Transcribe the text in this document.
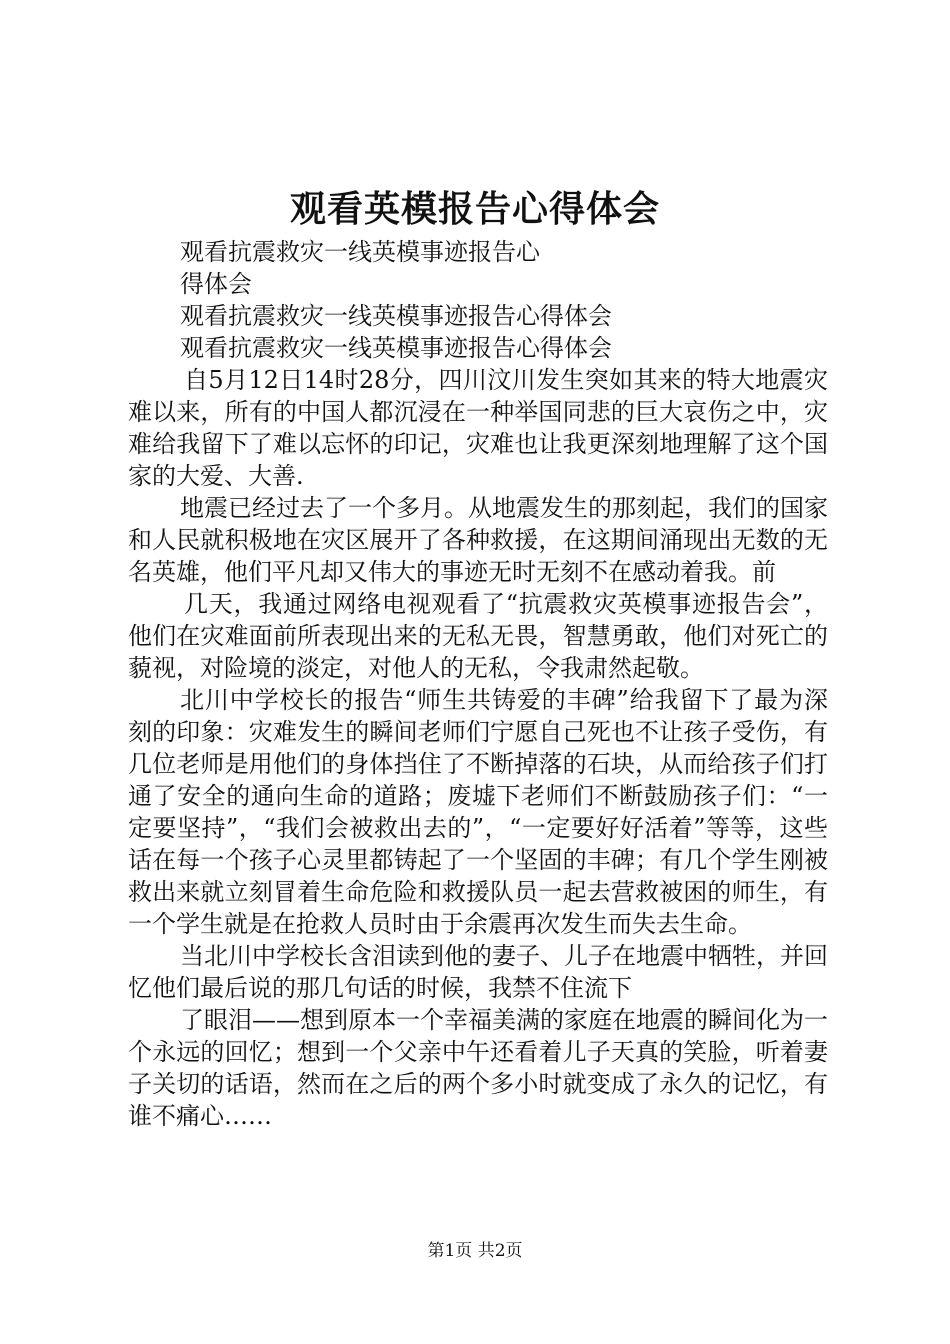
观看英模报告心得体会
观看抗震救灾一线英模事迹报告心
得体会
观看抗震救灾一线英模事迹报告心得体会
观看抗震救灾一线英模事迹报告心得体会

自5月12日14时28分，四川汶川发生突如其来的特大地震灾难以来，所有的中国人都沉浸在一种举国同悲的巨大哀伤之中，灾难给我留下了难以忘怀的印记，灾难也让我更深刻地理解了这个国家的大爱、大善.

地震已经过去了一个多月。从地震发生的那刻起，我们的国家和人民就积极地在灾区展开了各种救援，在这期间涌现出无数的无名英雄，他们平凡却又伟大的事迹无时无刻不在感动着我。前

几天，我通过网络电视观看了“抗震救灾英模事迹报告会”，他们在灾难面前所表现出来的无私无畏，智慧勇敢，他们对死亡的藐视，对险境的淡定，对他人的无私，令我肃然起敬。

北川中学校长的报告“师生共铸爱的丰碑”给我留下了最为深刻的印象：灾难发生的瞬间老师们宁愿自己死也不让孩子受伤，有几位老师是用他们的身体挡住了不断掉落的石块，从而给孩子们打通了安全的通向生命的道路；废墟下老师们不断鼓励孩子们：“一定要坚持”，“我们会被救出去的”，“一定要好好活着”等等，这些话在每一个孩子心灵里都铸起了一个坚固的丰碑；有几个学生刚被救出来就立刻冒着生命危险和救援队员一起去营救被困的师生，有一个学生就是在抢救人员时由于余震再次发生而失去生命。

当北川中学校长含泪读到他的妻子、儿子在地震中牺牲，并回忆他们最后说的那几句话的时候，我禁不住流下

了眼泪——想到原本一个幸福美满的家庭在地震的瞬间化为一个永远的回忆；想到一个父亲中午还看着儿子天真的笑脸，听着妻子关切的话语，然而在之后的两个多小时就变成了永久的记忆，有谁不痛心……

第1页 共2页
